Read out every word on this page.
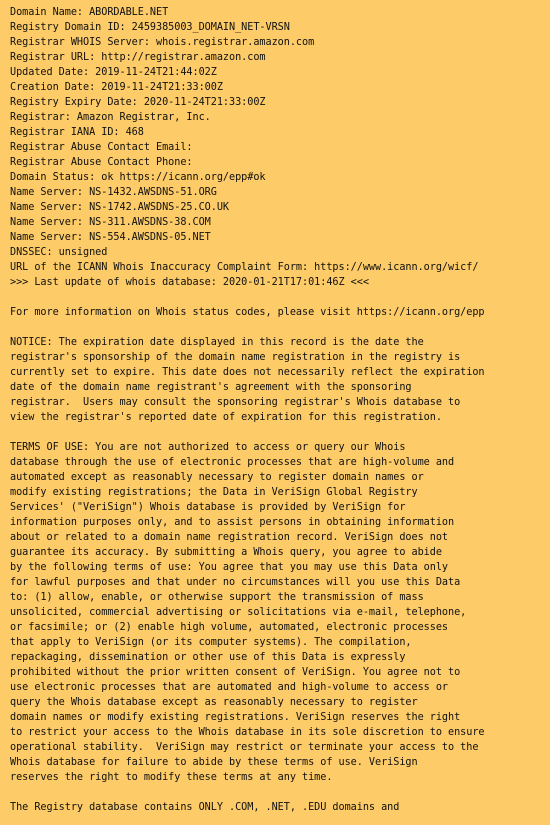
Domain Name: ABORDABLE.NET
Registry Domain ID: 2459385003_DOMAIN_NET-VRSN
Registrar WHOIS Server: whois.registrar.amazon.com
Registrar URL: http://registrar.amazon.com
Updated Date: 2019-11-24T21:44:02Z
Creation Date: 2019-11-24T21:33:00Z
Registry Expiry Date: 2020-11-24T21:33:00Z
Registrar: Amazon Registrar, Inc.
Registrar IANA ID: 468
Registrar Abuse Contact Email:
Registrar Abuse Contact Phone:
Domain Status: ok https://icann.org/epp#ok
Name Server: NS-1432.AWSDNS-51.ORG
Name Server: NS-1742.AWSDNS-25.CO.UK
Name Server: NS-311.AWSDNS-38.COM
Name Server: NS-554.AWSDNS-05.NET
DNSSEC: unsigned
URL of the ICANN Whois Inaccuracy Complaint Form: https://www.icann.org/wicf/
>>> Last update of whois database: 2020-01-21T17:01:46Z <<<
For more information on Whois status codes, please visit https://icann.org/epp
NOTICE: The expiration date displayed in this record is the date the
registrar's sponsorship of the domain name registration in the registry is
currently set to expire. This date does not necessarily reflect the expiration
date of the domain name registrant's agreement with the sponsoring
registrar.  Users may consult the sponsoring registrar's Whois database to
view the registrar's reported date of expiration for this registration.
TERMS OF USE: You are not authorized to access or query our Whois
database through the use of electronic processes that are high-volume and
automated except as reasonably necessary to register domain names or
modify existing registrations; the Data in VeriSign Global Registry
Services' ("VeriSign") Whois database is provided by VeriSign for
information purposes only, and to assist persons in obtaining information
about or related to a domain name registration record. VeriSign does not
guarantee its accuracy. By submitting a Whois query, you agree to abide
by the following terms of use: You agree that you may use this Data only
for lawful purposes and that under no circumstances will you use this Data
to: (1) allow, enable, or otherwise support the transmission of mass
unsolicited, commercial advertising or solicitations via e-mail, telephone,
or facsimile; or (2) enable high volume, automated, electronic processes
that apply to VeriSign (or its computer systems). The compilation,
repackaging, dissemination or other use of this Data is expressly
prohibited without the prior written consent of VeriSign. You agree not to
use electronic processes that are automated and high-volume to access or
query the Whois database except as reasonably necessary to register
domain names or modify existing registrations. VeriSign reserves the right
to restrict your access to the Whois database in its sole discretion to ensure
operational stability.  VeriSign may restrict or terminate your access to the
Whois database for failure to abide by these terms of use. VeriSign
reserves the right to modify these terms at any time.
The Registry database contains ONLY .COM, .NET, .EDU domains and
